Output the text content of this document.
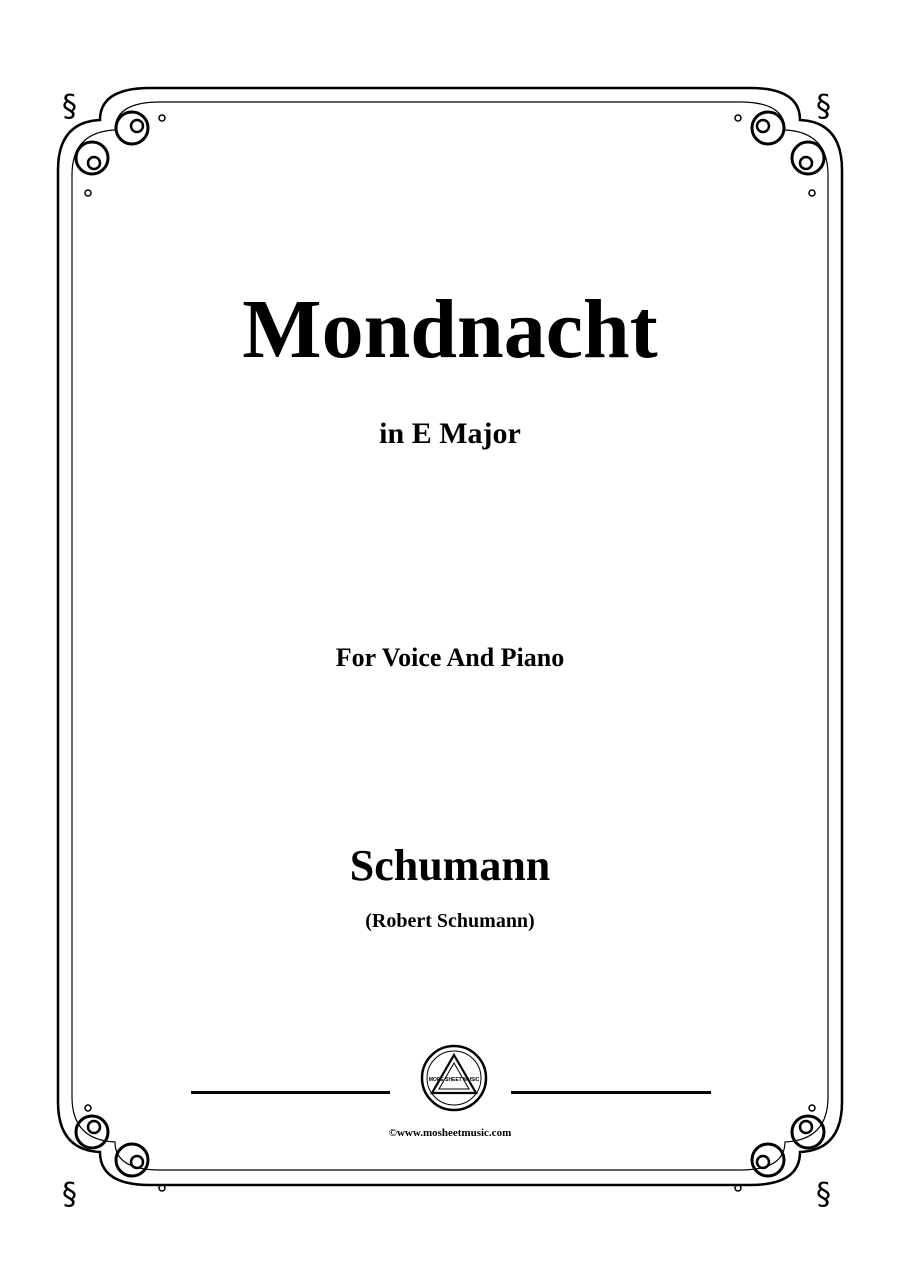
§	§
§	§
Mondnacht
in E Major
For Voice And Piano
Schumann
(Robert Schumann)
MORE SHEET MUSIC
©www.mosheetmusic.com
